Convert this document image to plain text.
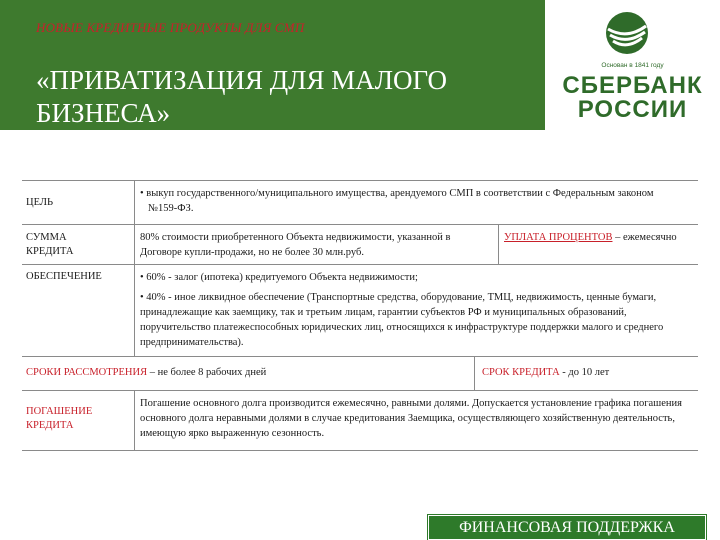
НОВЫЕ КРЕДИТНЫЕ ПРОДУКТЫ ДЛЯ СМП
«ПРИВАТИЗАЦИЯ ДЛЯ МАЛОГО БИЗНЕСА»
Основан в 1841 году
СБЕРБАНК
РОССИИ
ЦЕЛЬ
• выкуп государственного/муниципального имущества, арендуемого СМП в соответствии с Федеральным законом №159-ФЗ.
СУММА
КРЕДИТА
80% стоимости приобретенного Объекта недвижимости, указанной в Договоре купли-продажи, но не более 30 млн.руб.
УПЛАТА ПРОЦЕНТОВ – ежемесячно
ОБЕСПЕЧЕНИЕ	• 60% - залог (ипотека) кредитуемого Объекта недвижимости;
• 40% - иное ликвидное обеспечение (Транспортные средства, оборудование, ТМЦ, недвижимость, ценные бумаги, принадлежащие как заемщику, так и третьим лицам, гарантии субъектов РФ и муниципальных образований, поручительство платежеспособных юридических лиц, относящихся к инфраструктуре поддержки малого и среднего предпринимательства).
СРОКИ РАССМОТРЕНИЯ – не более 8 рабочих дней	СРОК КРЕДИТА - до 10 лет
ПОГАШЕНИЕ
КРЕДИТА
Погашение основного долга производится ежемесячно, равными долями. Допускается установление графика погашения основного долга неравными долями в случае кредитования Заемщика, осуществляющего хозяйственную деятельность, имеющую ярко выраженную сезонность.
ФИНАНСОВАЯ ПОДДЕРЖКА
